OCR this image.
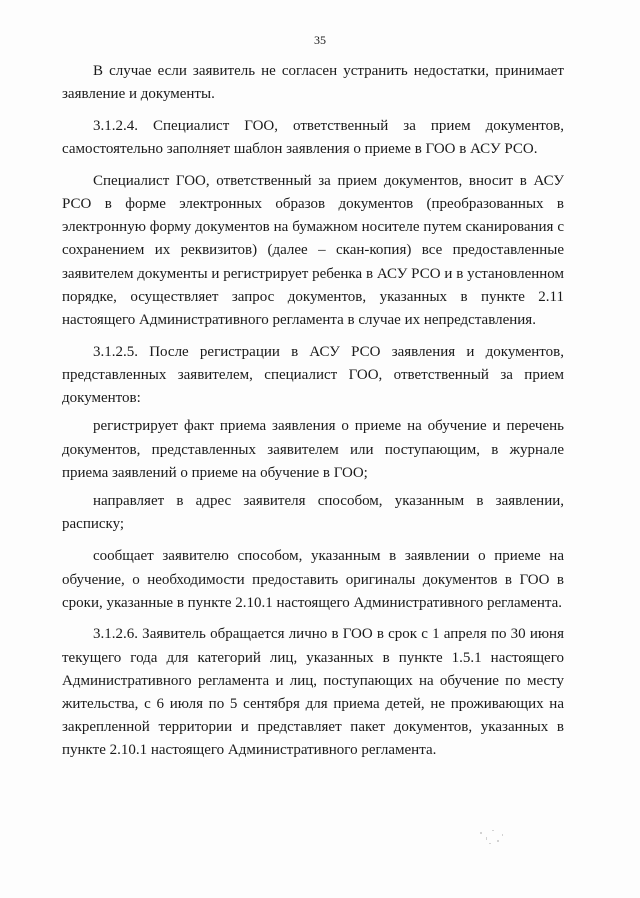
35

В случае если заявитель не согласен устранить недостатки, принимает заявление и документы.

3.1.2.4. Специалист ГОО, ответственный за прием документов, самостоятельно заполняет шаблон заявления о приеме в ГОО в АСУ РСО.

Специалист ГОО, ответственный за прием документов, вносит в АСУ РСО в форме электронных образов документов (преобразованных в электронную форму документов на бумажном носителе путем сканирования с сохранением их реквизитов) (далее – скан-копия) все предоставленные заявителем документы и регистрирует ребенка в АСУ РСО и в установленном порядке, осуществляет запрос документов, указанных в пункте 2.11 настоящего Административного регламента в случае их непредставления.

3.1.2.5. После регистрации в АСУ РСО заявления и документов, представленных заявителем, специалист ГОО, ответственный за прием документов:

регистрирует факт приема заявления о приеме на обучение и перечень документов, представленных заявителем или поступающим, в журнале приема заявлений о приеме на обучение в ГОО;

направляет в адрес заявителя способом, указанным в заявлении, расписку;

сообщает заявителю способом, указанным в заявлении о приеме на обучение, о необходимости предоставить оригиналы документов в ГОО в сроки, указанные в пункте 2.10.1 настоящего Административного регламента.

3.1.2.6. Заявитель обращается лично в ГОО в срок с 1 апреля по 30 июня текущего года для категорий лиц, указанных в пункте 1.5.1 настоящего Административного регламента и лиц, поступающих на обучение по месту жительства, с 6 июля по 5 сентября для приема детей, не проживающих на закрепленной территории и представляет пакет документов, указанных в пункте 2.10.1 настоящего Административного регламента.
